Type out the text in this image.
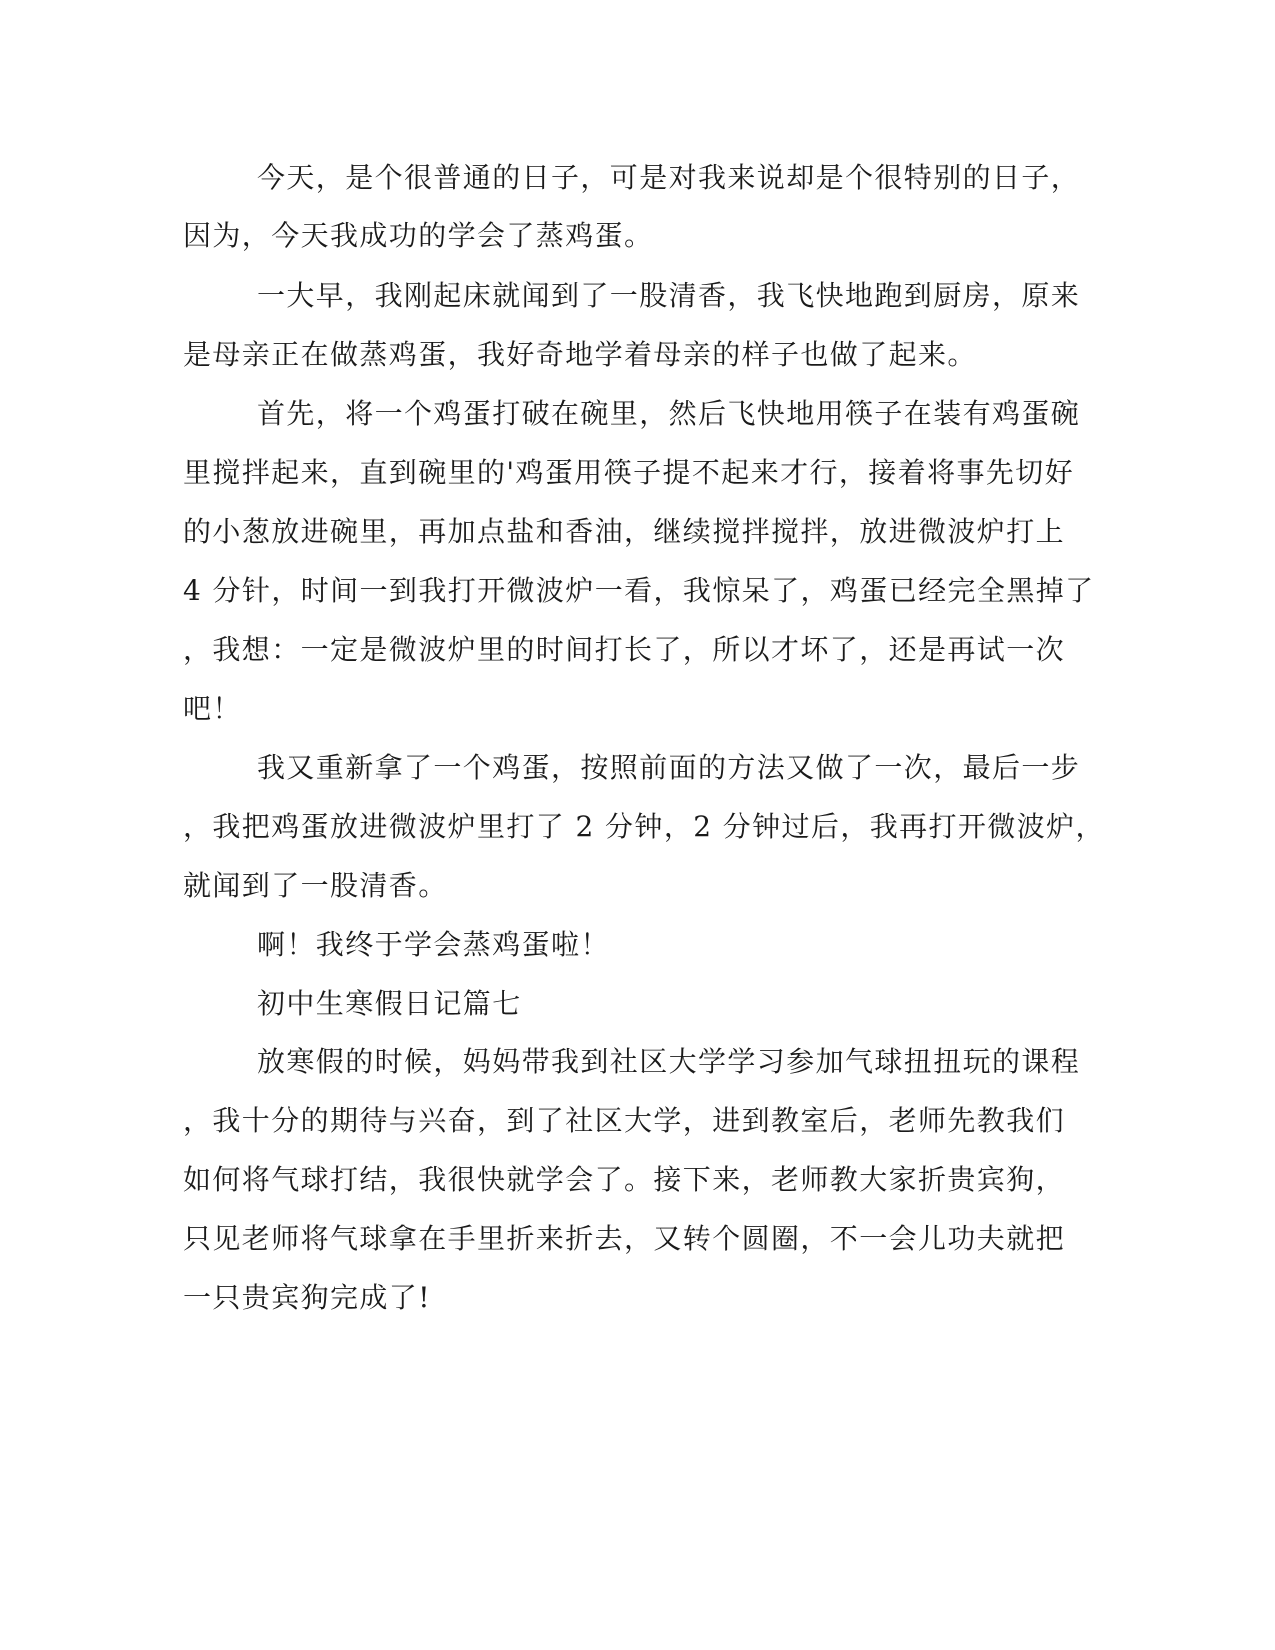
今天，是个很普通的日子，可是对我来说却是个很特别的日子，
因为，今天我成功的学会了蒸鸡蛋。
一大早，我刚起床就闻到了一股清香，我飞快地跑到厨房，原来
是母亲正在做蒸鸡蛋，我好奇地学着母亲的样子也做了起来。
首先，将一个鸡蛋打破在碗里，然后飞快地用筷子在装有鸡蛋碗
里搅拌起来，直到碗里的'鸡蛋用筷子提不起来才行，接着将事先切好
的小葱放进碗里，再加点盐和香油，继续搅拌搅拌，放进微波炉打上
4 分针，时间一到我打开微波炉一看，我惊呆了，鸡蛋已经完全黑掉了
，我想：一定是微波炉里的时间打长了，所以才坏了，还是再试一次
吧！
我又重新拿了一个鸡蛋，按照前面的方法又做了一次，最后一步
，我把鸡蛋放进微波炉里打了 2 分钟，2 分钟过后，我再打开微波炉，
就闻到了一股清香。
啊！我终于学会蒸鸡蛋啦！
初中生寒假日记篇七
放寒假的时候，妈妈带我到社区大学学习参加气球扭扭玩的课程
，我十分的期待与兴奋，到了社区大学，进到教室后，老师先教我们
如何将气球打结，我很快就学会了。接下来，老师教大家折贵宾狗，
只见老师将气球拿在手里折来折去，又转个圆圈，不一会儿功夫就把
一只贵宾狗完成了!
